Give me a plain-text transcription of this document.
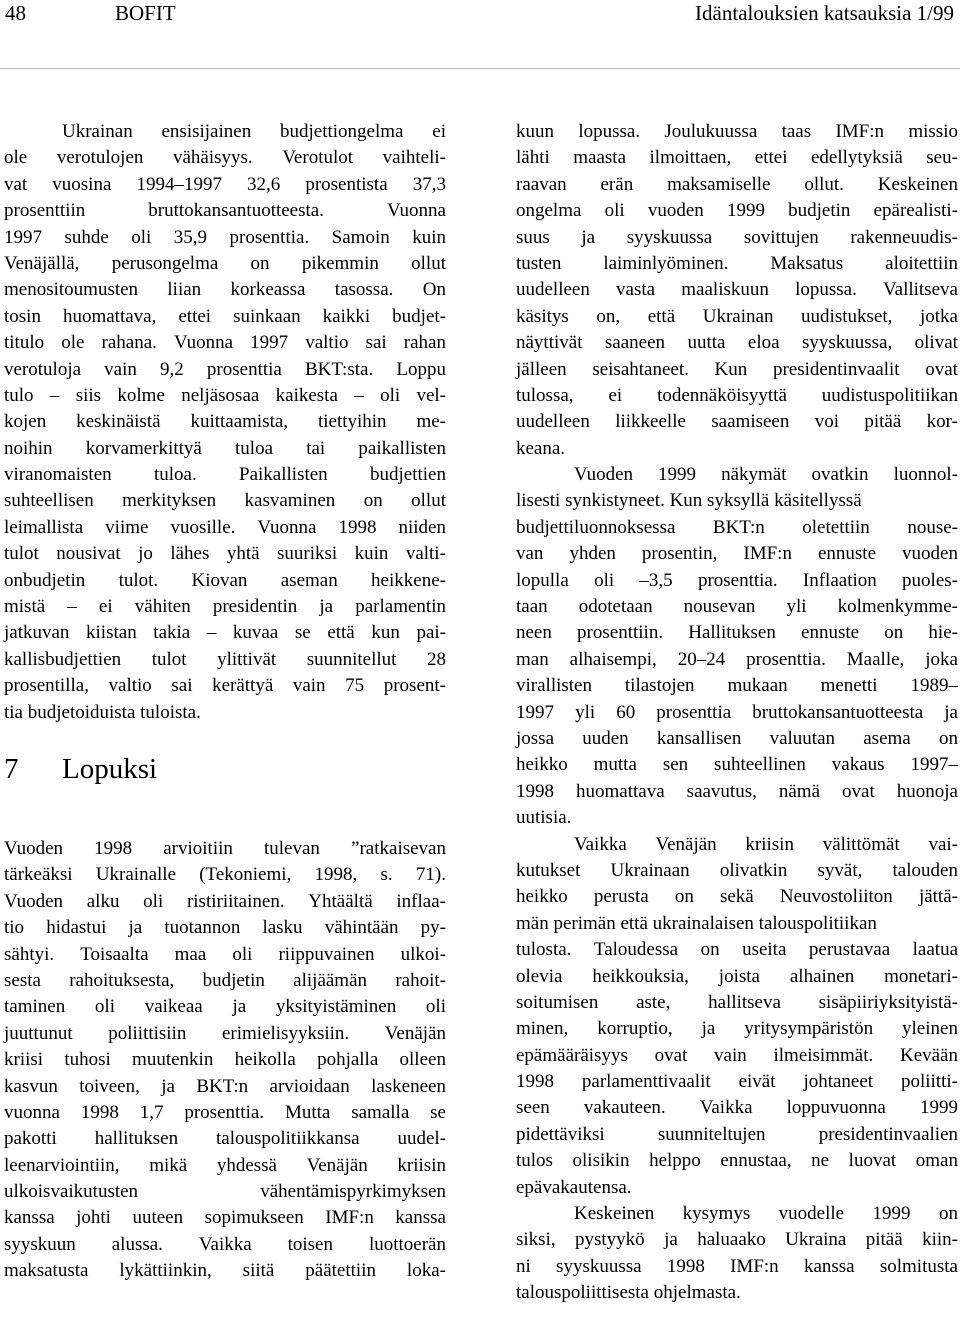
48	BOFIT	Idäntalouksien katsauksia 1/99
Ukrainan ensisijainen budjettiongelma ei
ole verotulojen vähäisyys. Verotulot vaihteli-
vat vuosina 1994–1997 32,6 prosentista 37,3
prosenttiin	bruttokansantuotteesta.	Vuonna
1997 suhde oli 35,9 prosenttia. Samoin kuin
Venäjällä, perusongelma on pikemmin ollut
menositoumusten liian korkeassa tasossa. On
tosin huomattava, ettei suinkaan kaikki budjet-
titulo ole rahana. Vuonna 1997 valtio sai rahan
verotuloja vain 9,2 prosenttia BKT:sta. Loppu
tulo – siis kolme neljäsosaa kaikesta – oli vel-
kojen keskinäistä kuittaamista, tiettyihin me-
noihin korvamerkittyä tuloa tai paikallisten
viranomaisten tuloa. Paikallisten budjettien
suhteellisen merkityksen kasvaminen on ollut
leimallista viime vuosille. Vuonna 1998 niiden
tulot nousivat jo lähes yhtä suuriksi kuin valti-
onbudjetin tulot. Kiovan aseman heikkene-
mistä – ei vähiten presidentin ja parlamentin
jatkuvan kiistan takia – kuvaa se että kun pai-
kallisbudjettien tulot ylittivät suunnitellut 28
prosentilla, valtio sai kerättyä vain 75 prosent-
tia budjetoiduista tuloista.
7	Lopuksi
Vuoden 1998 arvioitiin tulevan ”ratkaisevan
tärkeäksi Ukrainalle (Tekoniemi, 1998, s. 71).
Vuoden alku oli ristiriitainen. Yhtäältä inflaa-
tio hidastui ja tuotannon lasku vähintään py-
sähtyi. Toisaalta maa oli riippuvainen ulkoi-
sesta rahoituksesta, budjetin alijäämän rahoit-
taminen oli vaikeaa ja yksityistäminen oli
juuttunut poliittisiin erimielisyyksiin. Venäjän
kriisi tuhosi muutenkin heikolla pohjalla olleen
kasvun toiveen, ja BKT:n arvioidaan laskeneen
vuonna 1998 1,7 prosenttia. Mutta samalla se
pakotti hallituksen talouspolitiikkansa uudel-
leenarviointiin, mikä yhdessä Venäjän kriisin
ulkoisvaikutusten	vähentämispyrkimyksen
kanssa johti uuteen sopimukseen IMF:n kanssa
syyskuun alussa. Vaikka toisen luottoerän
maksatusta lykättiinkin, siitä päätettiin loka-
kuun lopussa. Joulukuussa taas IMF:n missio
lähti maasta ilmoittaen, ettei edellytyksiä seu-
raavan erän maksamiselle ollut. Keskeinen
ongelma oli vuoden 1999 budjetin epärealisti-
suus ja syyskuussa sovittujen rakenneuudis-
tusten laiminlyöminen. Maksatus aloitettiin
uudelleen vasta maaliskuun lopussa. Vallitseva
käsitys on, että Ukrainan uudistukset, jotka
näyttivät saaneen uutta eloa syyskuussa, olivat
jälleen seisahtaneet. Kun presidentinvaalit ovat
tulossa, ei todennäköisyyttä uudistuspolitiikan
uudelleen liikkeelle saamiseen voi pitää kor-
keana.
Vuoden 1999 näkymät ovatkin luonnol-
lisesti synkistyneet. Kun syksyllä käsitellyssä
budjettiluonnoksessa BKT:n oletettiin nouse-
van yhden prosentin, IMF:n ennuste vuoden
lopulla oli –3,5 prosenttia. Inflaation puoles-
taan odotetaan nousevan yli kolmenkymme-
neen prosenttiin. Hallituksen ennuste on hie-
man alhaisempi, 20–24 prosenttia. Maalle, joka
virallisten tilastojen mukaan menetti 1989–
1997 yli 60 prosenttia bruttokansantuotteesta ja
jossa uuden kansallisen valuutan asema on
heikko mutta sen suhteellinen vakaus 1997–
1998 huomattava saavutus, nämä ovat huonoja
uutisia.
Vaikka Venäjän kriisin välittömät vai-
kutukset Ukrainaan olivatkin syvät, talouden
heikko perusta on sekä Neuvostoliiton jättä-
män perimän että ukrainalaisen talouspolitiikan
tulosta. Taloudessa on useita perustavaa laatua
olevia heikkouksia, joista alhainen monetari-
soitumisen aste, hallitseva sisäpiiriyksityistä-
minen, korruptio, ja yritysympäristön yleinen
epämääräisyys ovat vain ilmeisimmät. Kevään
1998 parlamenttivaalit eivät johtaneet poliitti-
seen vakauteen. Vaikka loppuvuonna 1999
pidettäviksi	suunniteltujen	presidentinvaalien
tulos olisikin helppo ennustaa, ne luovat oman
epävakautensa.
Keskeinen kysymys vuodelle 1999 on
siksi, pystyykö ja haluaako Ukraina pitää kiin-
ni syyskuussa 1998 IMF:n kanssa solmitusta
talouspoliittisesta ohjelmasta.
